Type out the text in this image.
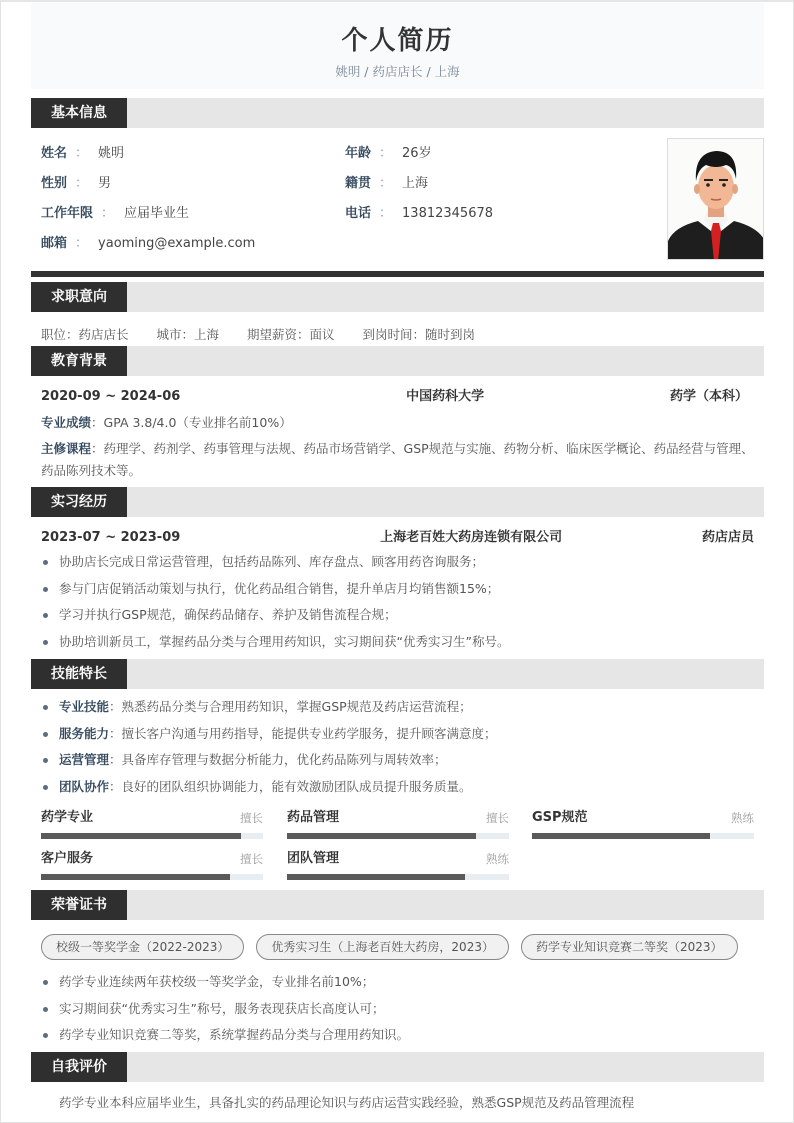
个人简历
姚明 / 药店店长 / 上海
基本信息
姓名 ： 姚明	年龄 ： 26岁
性别 ： 男	籍贯 ： 上海
工作年限 ： 应届毕业生	电话 ： 13812345678
邮箱 ： yaoming@example.com
求职意向
职位：药店店长 城市：上海 期望薪资：面议 到岗时间：随时到岗
教育背景
2020-09 ~ 2024-06	中国药科大学	药学（本科）
专业成绩：GPA 3.8/4.0（专业排名前10%）
主修课程：药理学、药剂学、药事管理与法规、药品市场营销学、GSP规范与实施、药物分析、临床医学概论、药品经营与管理、药品陈列技术等。
实习经历
2023-07 ~ 2023-09	上海老百姓大药房连锁有限公司	药店店员
协助店长完成日常运营管理，包括药品陈列、库存盘点、顾客用药咨询服务；
参与门店促销活动策划与执行，优化药品组合销售，提升单店月均销售额15%；
学习并执行GSP规范，确保药品储存、养护及销售流程合规；
协助培训新员工，掌握药品分类与合理用药知识，实习期间获“优秀实习生”称号。
技能特长
专业技能：熟悉药品分类与合理用药知识，掌握GSP规范及药店运营流程；
服务能力：擅长客户沟通与用药指导，能提供专业药学服务，提升顾客满意度；
运营管理：具备库存管理与数据分析能力，优化药品陈列与周转效率；
团队协作：良好的团队组织协调能力，能有效激励团队成员提升服务质量。
药学专业	擅长 药品管理	擅长 GSP规范	熟练
客户服务	擅长 团队管理	熟练
荣誉证书
校级一等奖学金（2022-2023）	优秀实习生（上海老百姓大药房，2023）	药学专业知识竞赛二等奖（2023）
药学专业连续两年获校级一等奖学金，专业排名前10%；
实习期间获“优秀实习生”称号，服务表现获店长高度认可；
药学专业知识竞赛二等奖，系统掌握药品分类与合理用药知识。
自我评价
药学专业本科应届毕业生，具备扎实的药品理论知识与药店运营实践经验，熟悉GSP规范及药品管理流程
